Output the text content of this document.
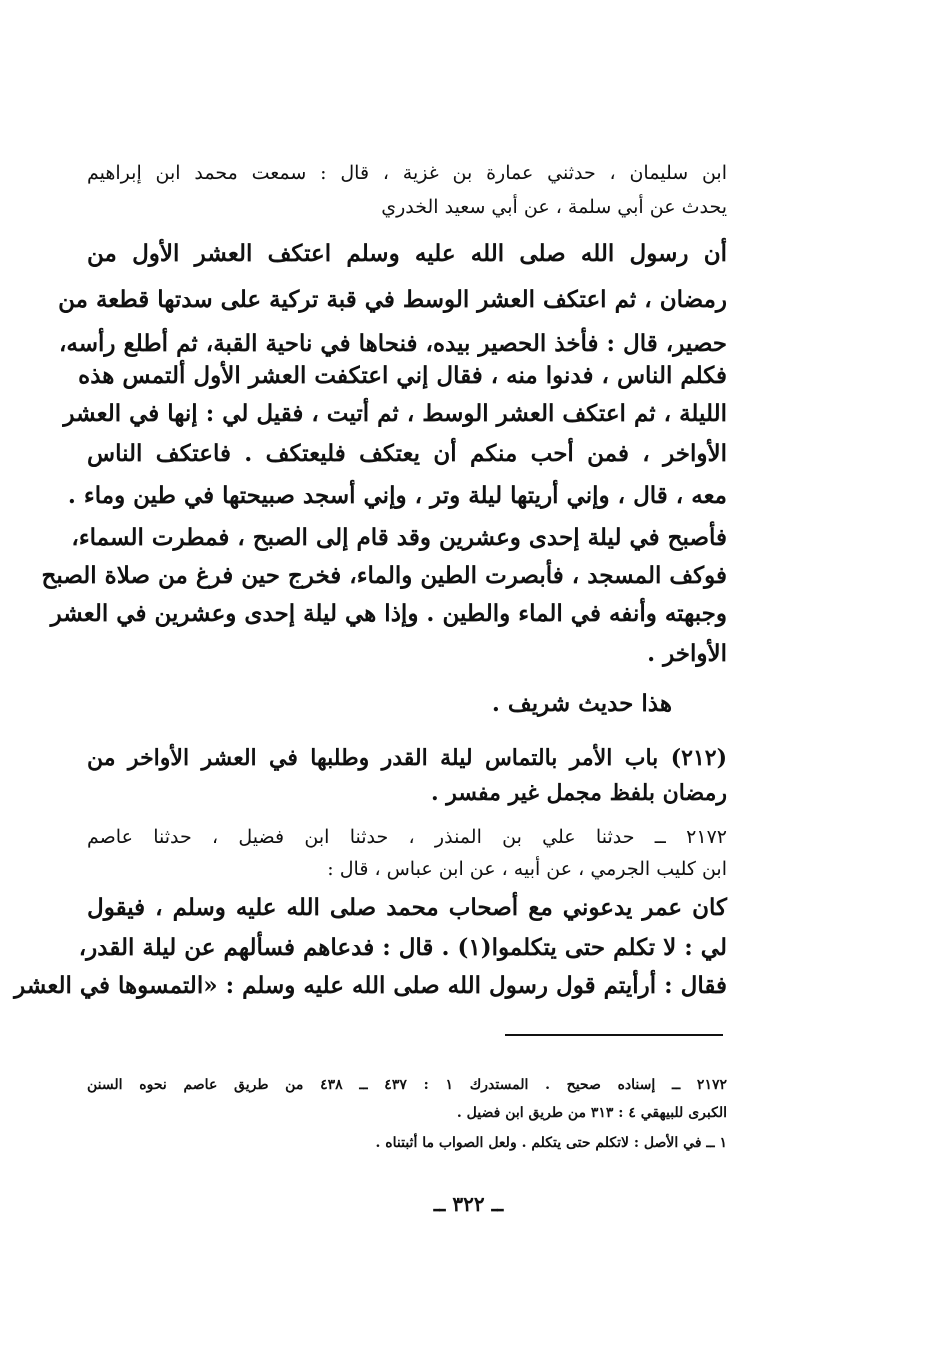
ابن سليمان ، حدثني عمارة بن غزية ، قال : سمعت محمد ابن إبراهيم
يحدث عن أبي سلمة ، عن أبي سعيد الخدري
أن رسول الله صلى الله عليه وسلم اعتكف العشر الأول من
رمضان ، ثم اعتكف العشر الوسط في قبة تركية على سدتها قطعة من
حصير، قال : فأخذ الحصير بيده، فنحاها في ناحية القبة، ثم أطلع رأسه،
فكلم الناس ، فدنوا منه ، فقال إني اعتكفت العشر الأول ألتمس هذه
الليلة ، ثم اعتكف العشر الوسط ، ثم أتيت ، فقيل لي : إنها في العشر
الأواخر ، فمن أحب منكم أن يعتكف فليعتكف . فاعتكف الناس
معه ، قال ، وإني أريتها ليلة وتر ، وإني أسجد صبيحتها في طين وماء .
فأصبح في ليلة إحدى وعشرين وقد قام إلى الصبح ، فمطرت السماء،
فوكف المسجد ، فأبصرت الطين والماء، فخرج حين فرغ من صلاة الصبح
وجبهته وأنفه في الماء والطين . وإذا هي ليلة إحدى وعشرين في العشر
الأواخر .
هذا حديث شريف .
(٢١٢) باب الأمر بالتماس ليلة القدر وطلبها في العشر الأواخر من
رمضان بلفظ مجمل غير مفسر .
٢١٧٢ ــ حدثنا علي بن المنذر ، حدثنا ابن فضيل ، حدثنا عاصم
ابن كليب الجرمي ، عن أبيه ، عن ابن عباس ، قال :
كان عمر يدعوني مع أصحاب محمد صلى الله عليه وسلم ، فيقول
لي : لا تكلم حتى يتكلموا(١) . قال : فدعاهم فسألهم عن ليلة القدر،
فقال : أرأيتم قول رسول الله صلى الله عليه وسلم : «التمسوها في العشر
٢١٧٢ ــ إسناده صحيح . المستدرك ١ : ٤٣٧ ــ ٤٣٨ من طريق عاصم نحوه السنن
الكبرى للبيهقي ٤ : ٣١٣ من طريق ابن فضيل .
١ ــ في الأصل : لاتكلم حتى يتكلم . ولعل الصواب ما أثبتناه .
ــ ٣٢٢ ــ
